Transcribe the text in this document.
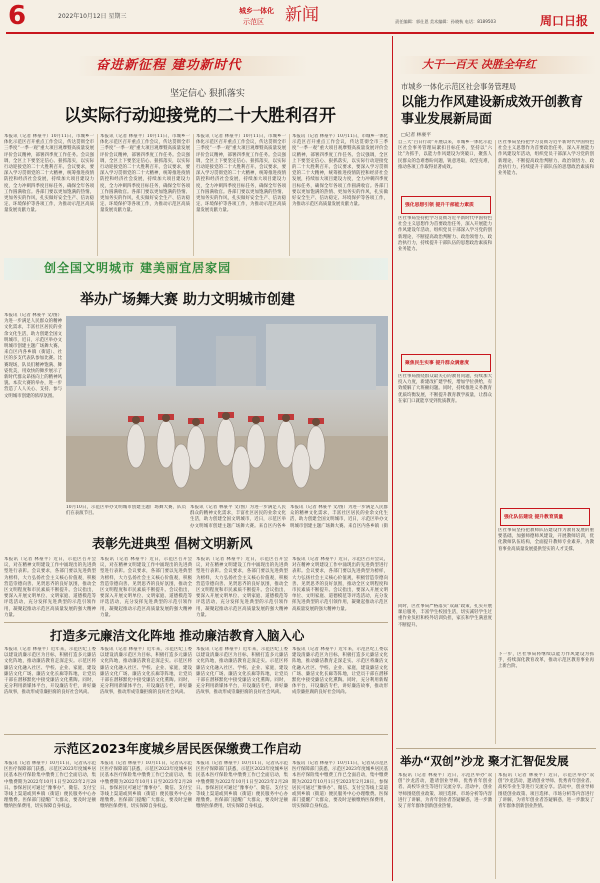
6	2022年10月12日 星期三
城乡一体化
示范区 新闻	责任编辑：郭仕恩 美术编辑：孙晓秋 电话：8189503	周口日报
奋进新征程 建功新时代
坚定信心 狠抓落实
以实际行动迎接党的二十大胜利召开
本报讯（记者 林豪平）10月11日，市城乡一体化示范区召开重点工作会议，传达贯彻全市三季度“一季一观”重大项目观摩暨高质量发展评价会议精神，部署四季度工作任务。会议强调，全区上下要坚定信心、狠抓落实，以实际行动迎接党的二十大胜利召开。会议要求，要深入学习贯彻党的二十大精神，统筹推进疫情防控和经济社会发展，持续加大项目建设力度，全力冲刺四季度目标任务，确保全年各项工作圆满收官。各部门要以更加饱满的热情、更加务实的作风，扎实做好安全生产、信访稳定、环境保护等各项工作，为推动示范区高质量发展贡献力量。
本报讯（记者 林豪平）10月11日，市城乡一体化示范区召开重点工作会议，传达贯彻全市三季度“一季一观”重大项目观摩暨高质量发展评价会议精神，部署四季度工作任务。会议强调，全区上下要坚定信心、狠抓落实，以实际行动迎接党的二十大胜利召开。会议要求，要深入学习贯彻党的二十大精神，统筹推进疫情防控和经济社会发展，持续加大项目建设力度，全力冲刺四季度目标任务，确保全年各项工作圆满收官。各部门要以更加饱满的热情、更加务实的作风，扎实做好安全生产、信访稳定、环境保护等各项工作，为推动示范区高质量发展贡献力量。
本报讯（记者 林豪平）10月11日，市城乡一体化示范区召开重点工作会议，传达贯彻全市三季度“一季一观”重大项目观摩暨高质量发展评价会议精神，部署四季度工作任务。会议强调，全区上下要坚定信心、狠抓落实，以实际行动迎接党的二十大胜利召开。会议要求，要深入学习贯彻党的二十大精神，统筹推进疫情防控和经济社会发展，持续加大项目建设力度，全力冲刺四季度目标任务，确保全年各项工作圆满收官。各部门要以更加饱满的热情、更加务实的作风，扎实做好安全生产、信访稳定、环境保护等各项工作，为推动示范区高质量发展贡献力量。
本报讯（记者 林豪平）10月11日，市城乡一体化示范区召开重点工作会议，传达贯彻全市三季度“一季一观”重大项目观摩暨高质量发展评价会议精神，部署四季度工作任务。会议强调，全区上下要坚定信心、狠抓落实，以实际行动迎接党的二十大胜利召开。会议要求，要深入学习贯彻党的二十大精神，统筹推进疫情防控和经济社会发展，持续加大项目建设力度，全力冲刺四季度目标任务，确保全年各项工作圆满收官。各部门要以更加饱满的热情、更加务实的作风，扎实做好安全生产、信访稳定、环境保护等各项工作，为推动示范区高质量发展贡献力量。
创全国文明城市 建美丽宜居家园
举办广场舞大赛 助力文明城市创建
本报讯（记者 林豪平 文/图）为进一步满足人民群众的精神文化需求，丰富社区居民的业余文化生活，助力创建全国文明城市，近日，示范区举办文明城市创建主题广场舞大赛。来自区内各乡镇（街道）、社区的多支代表队参加比赛。比赛现场，队员们精神饱满、舞姿优美，用欢快的舞步展示了新时代群众昂扬向上的精神风貌。本次大赛的举办，进一步营造了人人关心、支持、参与文明城市创建的浓厚氛围。
10月10日，示范区举办文明城市创建主题广场舞大赛，队员们在表演节目。
本报讯（记者 林豪平 文/图）为进一步满足人民群众的精神文化需求，丰富社区居民的业余文化生活，助力创建全国文明城市，近日，示范区举办文明城市创建主题广场舞大赛。来自区内各乡
本报讯（记者 林豪平 文/图）为进一步满足人民群众的精神文化需求，丰富社区居民的业余文化生活，助力创建全国文明城市，近日，示范区举办文明城市创建主题广场舞大赛。来自区内各乡镇（街
表彰先进典型 倡树文明新风
本报讯（记者 林豪平）近日，示范区召开会议，对在精神文明建设工作中涌现出的先进典型进行表彰。会议要求，各部门要以先进典型为榜样，大力弘扬社会主义核心价值观，积极营造崇德向善、见贤思齐的良好氛围，推动全区文明程度和市民素质不断提升。会议指出，要深入开展文明单位、文明家庭、道德模范等评选活动，充分发挥先进典型的示范引领作用，凝聚起推动示范区高质量发展的强大精神力量。
本报讯（记者 林豪平）近日，示范区召开会议，对在精神文明建设工作中涌现出的先进典型进行表彰。会议要求，各部门要以先进典型为榜样，大力弘扬社会主义核心价值观，积极营造崇德向善、见贤思齐的良好氛围，推动全区文明程度和市民素质不断提升。会议指出，要深入开展文明单位、文明家庭、道德模范等评选活动，充分发挥先进典型的示范引领作用，凝聚起推动示范区高质量发展的强大精神力量。
本报讯（记者 林豪平）近日，示范区召开会议，对在精神文明建设工作中涌现出的先进典型进行表彰。会议要求，各部门要以先进典型为榜样，大力弘扬社会主义核心价值观，积极营造崇德向善、见贤思齐的良好氛围，推动全区文明程度和市民素质不断提升。会议指出，要深入开展文明单位、文明家庭、道德模范等评选活动，充分发挥先进典型的示范引领作用，凝聚起推动示范区高质量发展的强大精神力量。
本报讯（记者 林豪平）近日，示范区召开会议，对在精神文明建设工作中涌现出的先进典型进行表彰。会议要求，各部门要以先进典型为榜样，大力弘扬社会主义核心价值观，积极营造崇德向善、见贤思齐的良好氛围，推动全区文明程度和市民素质不断提升。会议指出，要深入开展文明单位、文明家庭、道德模范等评选活动，充分发挥先进典型的示范引领作用，凝聚起推动示范区高质量发展的强大精神力量。
打造多元廉洁文化阵地 推动廉洁教育入脑入心
本报讯（记者 林豪平）近年来，示范区纪工委以建设清廉示范区为目标，积极打造多元廉洁文化阵地，推动廉洁教育走深走实。示范区将廉洁文化融入社区、学校、企业、家庭，建设廉洁文化广场、廉洁文化长廊等阵地，让党员干部在潜移默化中接受廉洁文化熏陶。同时，充分利用新媒体平台，开设廉洁专栏，讲好廉洁故事，推动形成崇廉拒腐的良好社会风尚。
本报讯（记者 林豪平）近年来，示范区纪工委以建设清廉示范区为目标，积极打造多元廉洁文化阵地，推动廉洁教育走深走实。示范区将廉洁文化融入社区、学校、企业、家庭，建设廉洁文化广场、廉洁文化长廊等阵地，让党员干部在潜移默化中接受廉洁文化熏陶。同时，充分利用新媒体平台，开设廉洁专栏，讲好廉洁故事，推动形成崇廉拒腐的良好社会风尚。
本报讯（记者 林豪平）近年来，示范区纪工委以建设清廉示范区为目标，积极打造多元廉洁文化阵地，推动廉洁教育走深走实。示范区将廉洁文化融入社区、学校、企业、家庭，建设廉洁文化广场、廉洁文化长廊等阵地，让党员干部在潜移默化中接受廉洁文化熏陶。同时，充分利用新媒体平台，开设廉洁专栏，讲好廉洁故事，推动形成崇廉拒腐的良好社会风尚。
本报讯（记者 林豪平）近年来，示范区纪工委以建设清廉示范区为目标，积极打造多元廉洁文化阵地，推动廉洁教育走深走实。示范区将廉洁文化融入社区、学校、企业、家庭，建设廉洁文化广场、廉洁文化长廊等阵地，让党员干部在潜移默化中接受廉洁文化熏陶。同时，充分利用新媒体平台，开设廉洁专栏，讲好廉洁故事，推动形成崇廉拒腐的良好社会风尚。
示范区2023年度城乡居民医保缴费工作启动
本报讯（记者 林豪平）10月11日，记者从示范区医疗保障部门获悉，示范区2023年度城乡居民基本医疗保险集中缴费工作已全面启动，集中缴费期为2022年10月1日至2023年2月28日。参保居民可通过“豫事办”、微信、支付宝等线上渠道或到乡镇（街道）便民服务中心办理缴费。医保部门提醒广大群众，要及时足额缴纳医保费用，切实保障自身权益。
本报讯（记者 林豪平）10月11日，记者从示范区医疗保障部门获悉，示范区2023年度城乡居民基本医疗保险集中缴费工作已全面启动，集中缴费期为2022年10月1日至2023年2月28日。参保居民可通过“豫事办”、微信、支付宝等线上渠道或到乡镇（街道）便民服务中心办理缴费。医保部门提醒广大群众，要及时足额缴纳医保费用，切实保障自身权益。
本报讯（记者 林豪平）10月11日，记者从示范区医疗保障部门获悉，示范区2023年度城乡居民基本医疗保险集中缴费工作已全面启动，集中缴费期为2022年10月1日至2023年2月28日。参保居民可通过“豫事办”、微信、支付宝等线上渠道或到乡镇（街道）便民服务中心办理缴费。医保部门提醒广大群众，要及时足额缴纳医保费用，切实保障自身权益。
本报讯（记者 林豪平）10月11日，记者从示范区医疗保障部门获悉，示范区2023年度城乡居民基本医疗保险集中缴费工作已全面启动，集中缴费期为2022年10月1日至2023年2月28日。参保居民可通过“豫事办”、微信、支付宝等线上渠道或到乡镇（街道）便民服务中心办理缴费。医保部门提醒广大群众，要及时足额缴纳医保费用，切实保障自身权益。
大干一百天 决胜全年红
市城乡一体化示范区社会事务管理局
以能力作风建设新成效开创教育事业发展新局面
□记者 林豪平
自三大“百日行动”开展以来，市城乡一体化示范区社会事务管理局紧扣目标任务，坚持以“六比”为抓手，以能力作风建设为突破口，聚焦人民群众的急难愁盼问题，锐意进取，攻坚克难，推动各项工作取得显著成效。
强化思想引领 提升干部能力素质
区社事局坚持把学习贯彻习近平新时代中国特色社会主义思想作为首要政治任务，深入开展能力作风建设年活动，组织党员干部深入学习党的创新理论，不断提高政治判断力、政治领悟力、政治执行力，持续提升干部队伍的思想政治素质和业务能力。
聚焦民生实事 提升群众满意度
区社事局围绕群众最关心的教育问题，持续加大投入力度，新建改扩建学校，增加学位供给，有效缓解了大班额问题。同时，持续推进义务教育优质均衡发展，不断提升教育教学质量，让群众在家门口就能享受到优质教育。
同时，区社事局严格落实“双减”政策，扎实开展课后服务，丰富学生校园生活，切实减轻学生过重作业负担和校外培训负担，家长和学生满意度不断提升。
区社事局坚持把学习贯彻习近平新时代中国特色社会主义思想作为首要政治任务，深入开展能力作风建设年活动，组织党员干部深入学习党的创新理论，不断提高政治判断力、政治领悟力、政治执行力，持续提升干部队伍的思想政治素质和业务能力。
强化队伍建设 提升教育质量
区社事局坚持把教师队伍建设作为教育发展的重要基础，加强师德师风建设，开展教师培训，优化教师队伍结构，全面提升教师专业素养，为教育事业高质量发展提供坚实的人才支撑。
下一步，区社事局将继续以能力作风建设为抓手，持续深化教育改革，推动示范区教育事业再上新台阶。
举办“双创”沙龙 聚才汇智促发展
本报讯（记者 林豪平）近日，示范区举办“双创”沙龙活动，邀请创业导师、优秀青年创业者、高校毕业生等进行交流分享。活动中，创业导师围绕创业政策、项目选择、市场分析等内容进行了讲解，为青年创业者答疑解惑，进一步激发了青年群体创新创业热情。
本报讯（记者 林豪平）近日，示范区举办“双创”沙龙活动，邀请创业导师、优秀青年创业者、高校毕业生等进行交流分享。活动中，创业导师围绕创业政策、项目选择、市场分析等内容进行了讲解，为青年创业者答疑解惑，进一步激发了青年群体创新创业热情。
